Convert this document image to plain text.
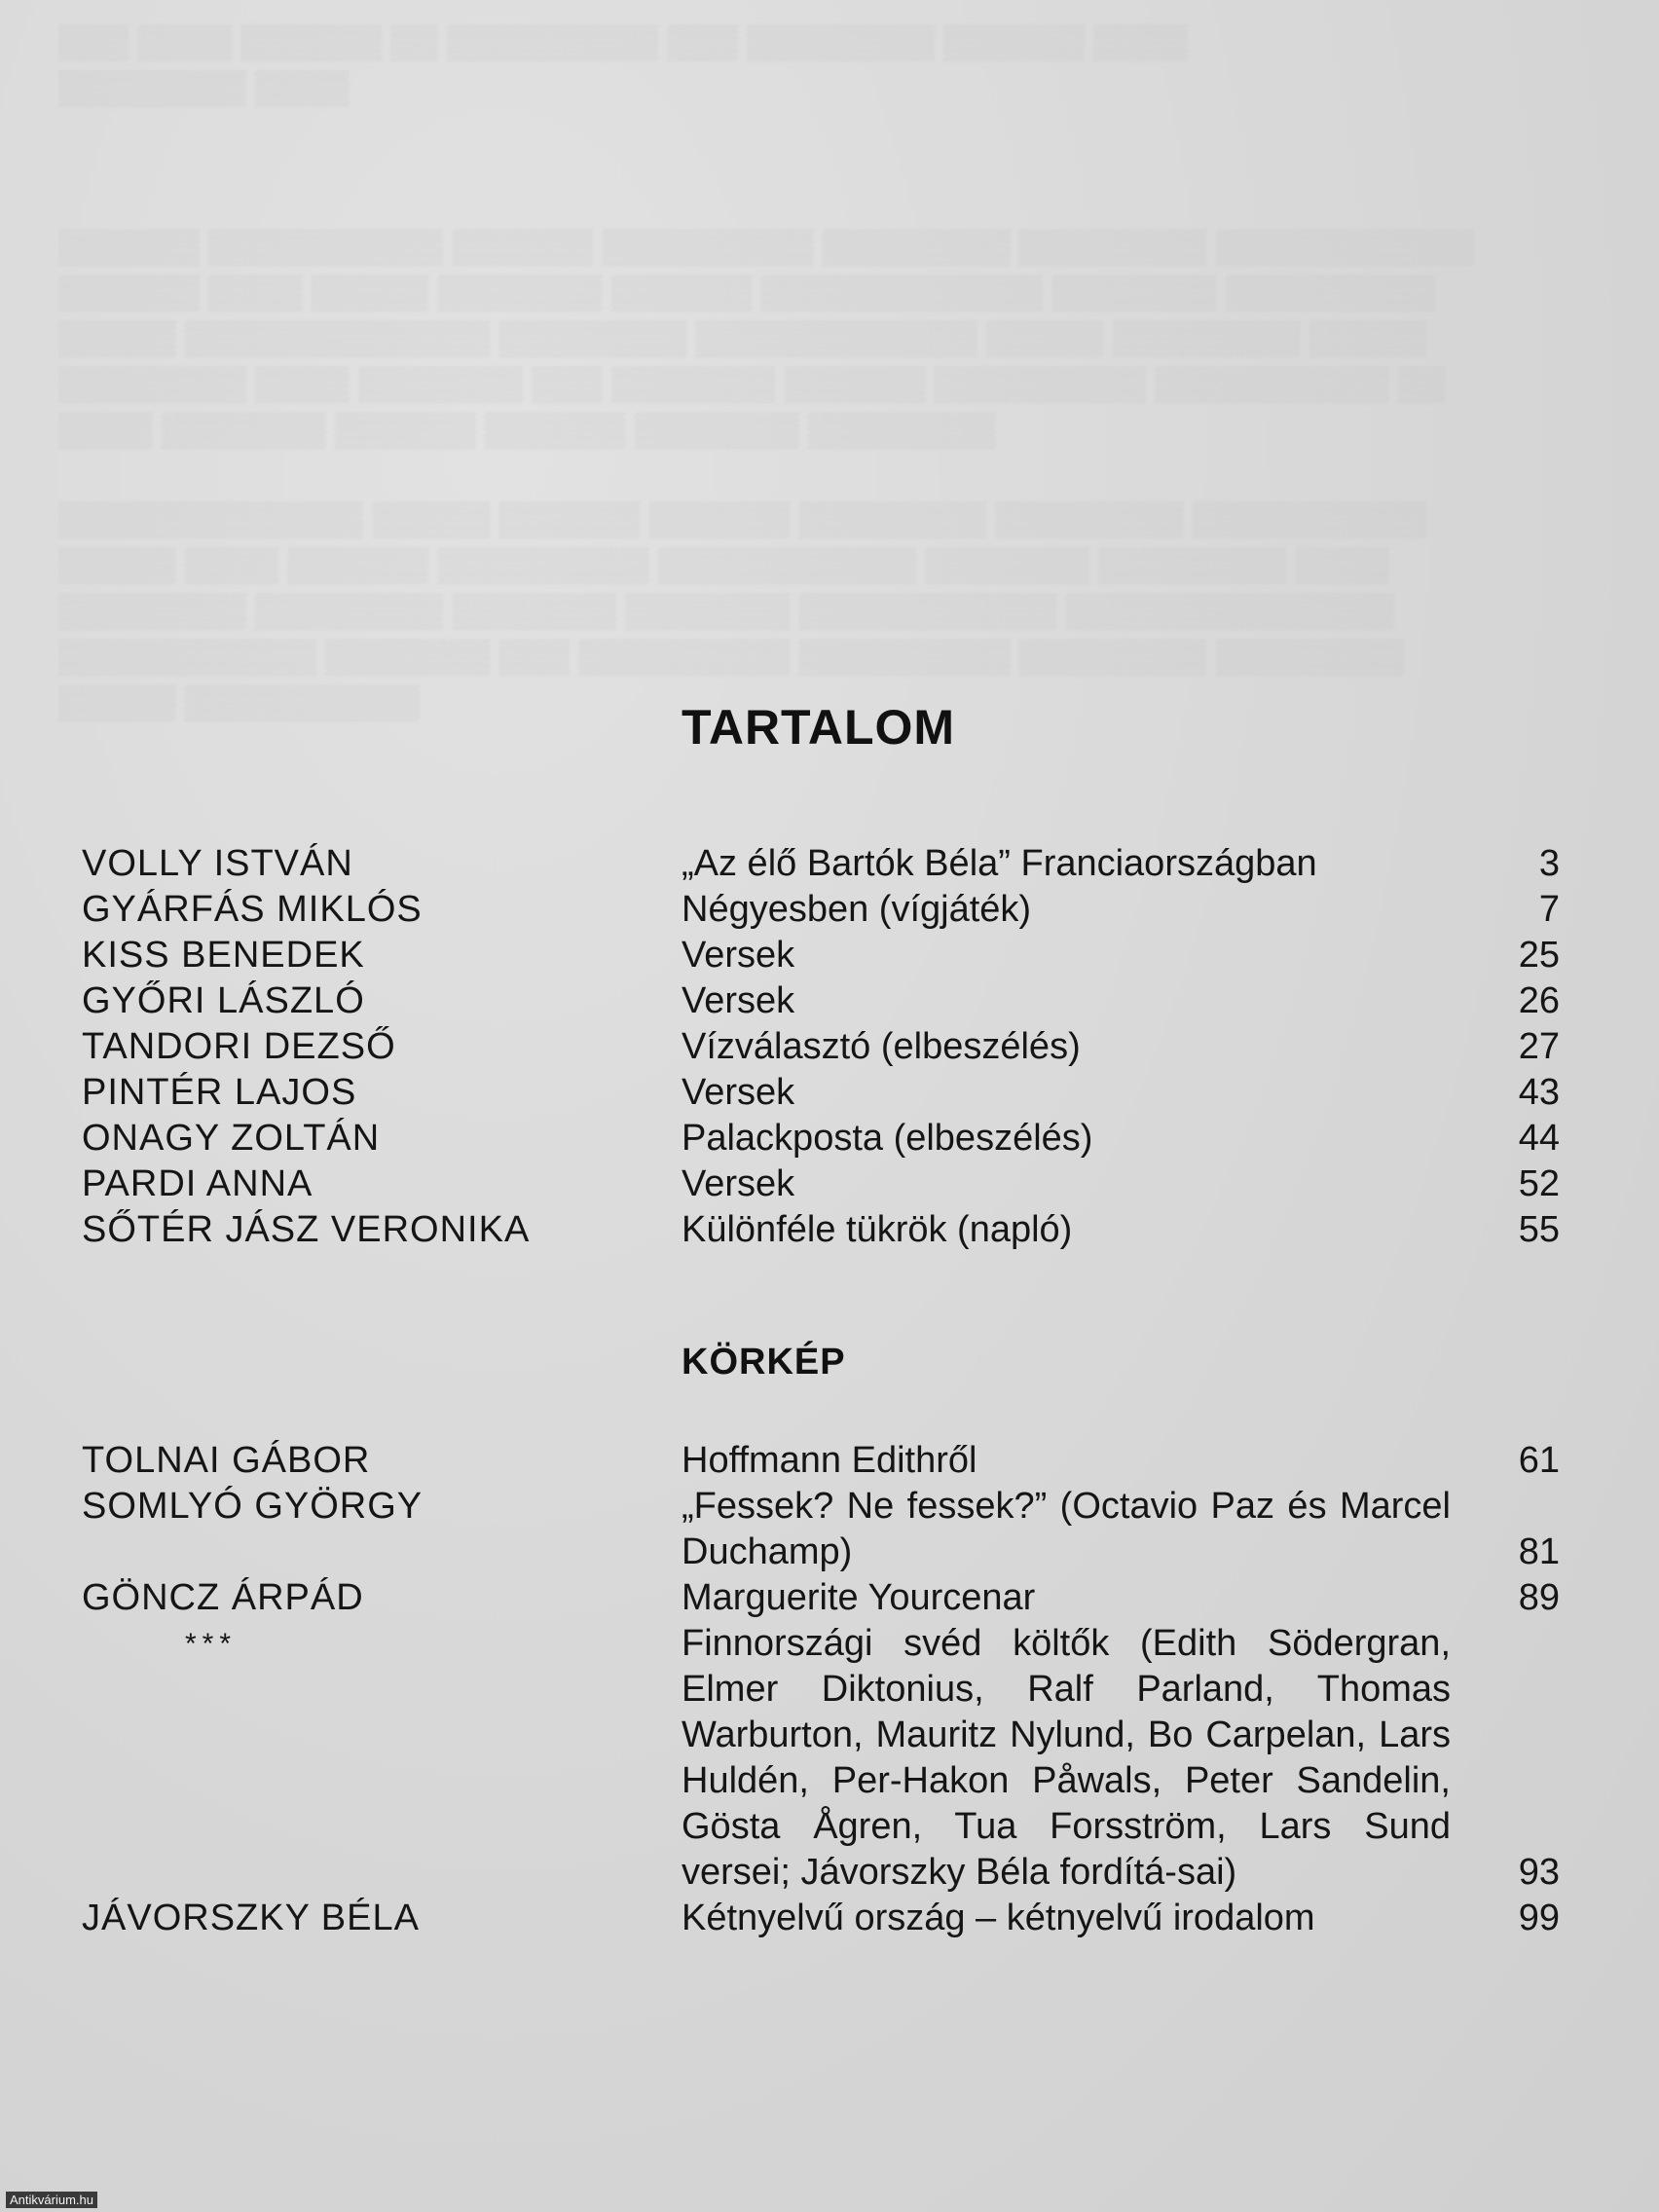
▒▒▒ ▒▒▒▒ ▒▒▒▒▒▒ ▒▒ ▒▒▒▒▒▒▒▒▒ ▒▒▒ ▒▒▒▒▒▒▒▒ ▒▒▒▒▒▒ ▒▒▒▒
▒▒▒▒▒▒▒▒ ▒▒▒▒
▒▒▒▒▒▒ ▒▒▒▒▒▒▒▒▒▒ ▒▒▒▒▒▒ ▒▒▒▒▒▒▒▒▒ ▒▒▒▒▒▒▒▒ ▒▒▒▒▒▒▒▒ ▒▒▒▒▒▒▒▒▒▒▒
▒▒▒▒▒▒ ▒▒▒▒ ▒▒▒▒▒ ▒▒▒▒▒▒▒ ▒▒▒▒▒▒ ▒▒▒▒▒▒▒▒▒▒▒▒ ▒▒▒▒▒▒▒ ▒▒▒▒▒▒▒▒▒
▒▒▒▒▒ ▒▒▒▒▒▒▒▒▒▒▒▒▒ ▒▒▒▒▒▒▒▒ ▒▒▒▒▒▒▒▒▒▒▒▒ ▒▒▒▒▒ ▒▒▒▒▒▒▒▒ ▒▒▒▒▒
▒▒▒▒▒▒▒▒ ▒▒▒▒ ▒▒▒▒▒▒▒ ▒▒▒ ▒▒▒▒▒▒▒ ▒▒▒▒▒▒ ▒▒▒▒▒▒▒▒▒ ▒▒▒▒▒▒▒▒▒▒ ▒▒
▒▒▒▒ ▒▒▒▒▒▒▒ ▒▒▒▒▒▒ ▒▒▒▒▒▒ ▒▒▒▒▒▒▒ ▒▒▒▒▒▒▒▒
▒▒▒▒▒▒▒▒▒▒▒▒▒ ▒▒▒▒▒ ▒▒▒▒▒▒ ▒▒▒▒▒▒ ▒▒▒▒▒▒▒▒ ▒▒▒▒▒▒▒▒ ▒▒▒▒▒▒▒▒▒▒
▒▒▒▒▒ ▒▒▒▒ ▒▒▒▒▒▒ ▒▒▒▒▒▒▒▒▒ ▒▒▒▒▒▒▒▒▒▒▒ ▒▒▒▒▒▒▒ ▒▒▒▒▒▒▒▒ ▒▒▒▒
▒▒▒▒▒▒▒▒ ▒▒▒▒▒▒▒▒ ▒▒▒▒▒▒▒ ▒▒▒▒▒▒▒ ▒▒▒▒▒▒▒▒▒▒▒ ▒▒▒▒▒▒▒▒▒▒▒▒▒▒
▒▒▒▒▒▒▒▒▒▒▒ ▒▒▒▒▒▒▒ ▒▒▒ ▒▒▒▒▒▒▒▒▒ ▒▒▒▒▒▒▒▒▒ ▒▒▒▒▒▒▒▒ ▒▒▒▒▒▒▒▒
▒▒▒▒▒ ▒▒▒▒▒▒▒▒▒▒	TARTALOM
VOLLY ISTVÁN	„Az élő Bartók Béla” Franciaországban	3
GYÁRFÁS MIKLÓS	Négyesben (vígjáték)	7
KISS BENEDEK	Versek	25
GYŐRI LÁSZLÓ	Versek	26
TANDORI DEZSŐ	Vízválasztó (elbeszélés)	27
PINTÉR LAJOS	Versek	43
ONAGY ZOLTÁN	Palackposta (elbeszélés)	44
PARDI ANNA	Versek	52
SŐTÉR JÁSZ VERONIKA	Különféle tükrök (napló)	55
KÖRKÉP
TOLNAI GÁBOR	Hoffmann Edithről	61
SOMLYÓ GYÖRGY	„Fessek? Ne fessek?” (Octavio Paz és Marcel Duchamp)	81
GÖNCZ ÁRPÁD	Marguerite Yourcenar	89
***	Finnországi svéd költők (Edith Södergran, Elmer Diktonius, Ralf Parland, Thomas Warburton, Mauritz Nylund, Bo Carpelan, Lars Huldén, Per-Hakon Påwals, Peter Sandelin, Gösta Ågren, Tua Forsström, Lars Sund versei; Jávorszky Béla fordítá-sai)	93
JÁVORSZKY BÉLA	Kétnyelvű ország – kétnyelvű irodalom	99
Antikvárium.hu
